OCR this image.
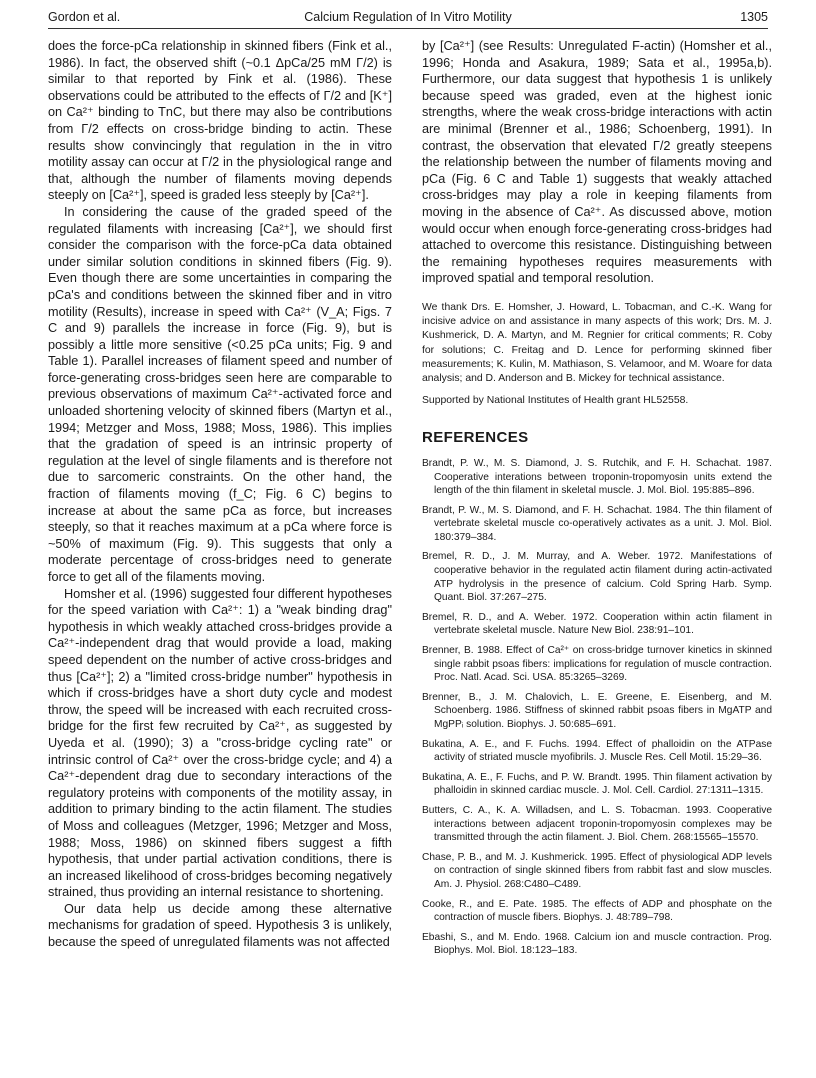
Gordon et al.	Calcium Regulation of In Vitro Motility	1305

does the force-pCa relationship in skinned fibers (Fink et al., 1986). In fact, the observed shift (~0.1 ΔpCa/25 mM Γ/2) is similar to that reported by Fink et al. (1986). These observations could be attributed to the effects of Γ/2 and [K⁺] on Ca²⁺ binding to TnC, but there may also be contributions from Γ/2 effects on cross-bridge binding to actin. These results show convincingly that regulation in the in vitro motility assay can occur at Γ/2 in the physiological range and that, although the number of filaments moving depends steeply on [Ca²⁺], speed is graded less steeply by [Ca²⁺].

In considering the cause of the graded speed of the regulated filaments with increasing [Ca²⁺], we should first consider the comparison with the force-pCa data obtained under similar solution conditions in skinned fibers (Fig. 9). Even though there are some uncertainties in comparing the pCa's and conditions between the skinned fiber and in vitro motility (Results), increase in speed with Ca²⁺ (V_A; Figs. 7 C and 9) parallels the increase in force (Fig. 9), but is possibly a little more sensitive (<0.25 pCa units; Fig. 9 and Table 1). Parallel increases of filament speed and number of force-generating cross-bridges seen here are comparable to previous observations of maximum Ca²⁺-activated force and unloaded shortening velocity of skinned fibers (Martyn et al., 1994; Metzger and Moss, 1988; Moss, 1986). This implies that the gradation of speed is an intrinsic property of regulation at the level of single filaments and is therefore not due to sarcomeric constraints. On the other hand, the fraction of filaments moving (f_C; Fig. 6 C) begins to increase at about the same pCa as force, but increases steeply, so that it reaches maximum at a pCa where force is ~50% of maximum (Fig. 9). This suggests that only a moderate percentage of cross-bridges need to generate force to get all of the filaments moving.

Homsher et al. (1996) suggested four different hypotheses for the speed variation with Ca²⁺: 1) a "weak binding drag" hypothesis in which weakly attached cross-bridges provide a Ca²⁺-independent drag that would provide a load, making speed dependent on the number of active cross-bridges and thus [Ca²⁺]; 2) a "limited cross-bridge number" hypothesis in which if cross-bridges have a short duty cycle and modest throw, the speed will be increased with each recruited cross-bridge for the first few recruited by Ca²⁺, as suggested by Uyeda et al. (1990); 3) a "cross-bridge cycling rate" or intrinsic control of Ca²⁺ over the cross-bridge cycle; and 4) a Ca²⁺-dependent drag due to secondary interactions of the regulatory proteins with components of the motility assay, in addition to primary binding to the actin filament. The studies of Moss and colleagues (Metzger, 1996; Metzger and Moss, 1988; Moss, 1986) on skinned fibers suggest a fifth hypothesis, that under partial activation conditions, there is an increased likelihood of cross-bridges becoming negatively strained, thus providing an internal resistance to shortening.

Our data help us decide among these alternative mechanisms for gradation of speed. Hypothesis 3 is unlikely, because the speed of unregulated filaments was not affected

by [Ca²⁺] (see Results: Unregulated F-actin) (Homsher et al., 1996; Honda and Asakura, 1989; Sata et al., 1995a,b). Furthermore, our data suggest that hypothesis 1 is unlikely because speed was graded, even at the highest ionic strengths, where the weak cross-bridge interactions with actin are minimal (Brenner et al., 1986; Schoenberg, 1991). In contrast, the observation that elevated Γ/2 greatly steepens the relationship between the number of filaments moving and pCa (Fig. 6 C and Table 1) suggests that weakly attached cross-bridges may play a role in keeping filaments from moving in the absence of Ca²⁺. As discussed above, motion would occur when enough force-generating cross-bridges had attached to overcome this resistance. Distinguishing between the remaining hypotheses requires measurements with improved spatial and temporal resolution.

We thank Drs. E. Homsher, J. Howard, L. Tobacman, and C.-K. Wang for incisive advice on and assistance in many aspects of this work; Drs. M. J. Kushmerick, D. A. Martyn, and M. Regnier for critical comments; R. Coby for solutions; C. Freitag and D. Lence for performing skinned fiber measurements; K. Kulin, M. Mathiason, S. Velamoor, and M. Woare for data analysis; and D. Anderson and B. Mickey for technical assistance.

Supported by National Institutes of Health grant HL52558.

REFERENCES
Brandt, P. W., M. S. Diamond, J. S. Rutchik, and F. H. Schachat. 1987. Cooperative interations between troponin-tropomyosin units extend the length of the thin filament in skeletal muscle. J. Mol. Biol. 195:885–896.
Brandt, P. W., M. S. Diamond, and F. H. Schachat. 1984. The thin filament of vertebrate skeletal muscle co-operatively activates as a unit. J. Mol. Biol. 180:379–384.
Bremel, R. D., J. M. Murray, and A. Weber. 1972. Manifestations of cooperative behavior in the regulated actin filament during actin-activated ATP hydrolysis in the presence of calcium. Cold Spring Harb. Symp. Quant. Biol. 37:267–275.
Bremel, R. D., and A. Weber. 1972. Cooperation within actin filament in vertebrate skeletal muscle. Nature New Biol. 238:91–101.
Brenner, B. 1988. Effect of Ca²⁺ on cross-bridge turnover kinetics in skinned single rabbit psoas fibers: implications for regulation of muscle contraction. Proc. Natl. Acad. Sci. USA. 85:3265–3269.
Brenner, B., J. M. Chalovich, L. E. Greene, E. Eisenberg, and M. Schoenberg. 1986. Stiffness of skinned rabbit psoas fibers in MgATP and MgPPᵢ solution. Biophys. J. 50:685–691.
Bukatina, A. E., and F. Fuchs. 1994. Effect of phalloidin on the ATPase activity of striated muscle myofibrils. J. Muscle Res. Cell Motil. 15:29–36.
Bukatina, A. E., F. Fuchs, and P. W. Brandt. 1995. Thin filament activation by phalloidin in skinned cardiac muscle. J. Mol. Cell. Cardiol. 27:1311–1315.
Butters, C. A., K. A. Willadsen, and L. S. Tobacman. 1993. Cooperative interactions between adjacent troponin-tropomyosin complexes may be transmitted through the actin filament. J. Biol. Chem. 268:15565–15570.
Chase, P. B., and M. J. Kushmerick. 1995. Effect of physiological ADP levels on contraction of single skinned fibers from rabbit fast and slow muscles. Am. J. Physiol. 268:C480–C489.
Cooke, R., and E. Pate. 1985. The effects of ADP and phosphate on the contraction of muscle fibers. Biophys. J. 48:789–798.
Ebashi, S., and M. Endo. 1968. Calcium ion and muscle contraction. Prog. Biophys. Mol. Biol. 18:123–183.
